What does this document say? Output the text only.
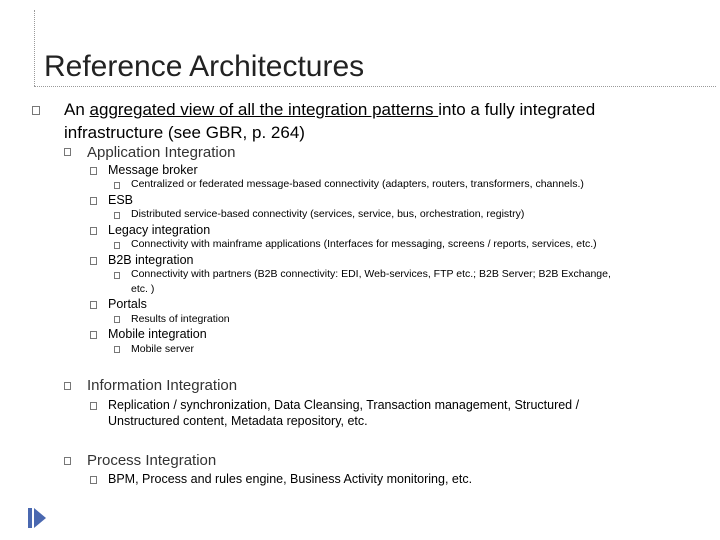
Reference Architectures
An aggregated view of all the integration patterns into a fully integrated
infrastructure (see GBR, p. 264)
Application Integration
Message broker
Centralized or federated message-based connectivity (adapters, routers, transformers, channels.)
ESB
Distributed service-based connectivity (services, service, bus, orchestration, registry)
Legacy integration
Connectivity with mainframe applications (Interfaces for messaging, screens / reports, services, etc.)
B2B integration
Connectivity with partners (B2B connectivity: EDI, Web-services, FTP etc.; B2B Server; B2B Exchange,
etc. )
Portals
Results of integration
Mobile integration
Mobile server
Information Integration
Replication / synchronization, Data Cleansing, Transaction management, Structured /
Unstructured content, Metadata repository, etc.
Process Integration
BPM, Process and rules engine, Business Activity monitoring, etc.
